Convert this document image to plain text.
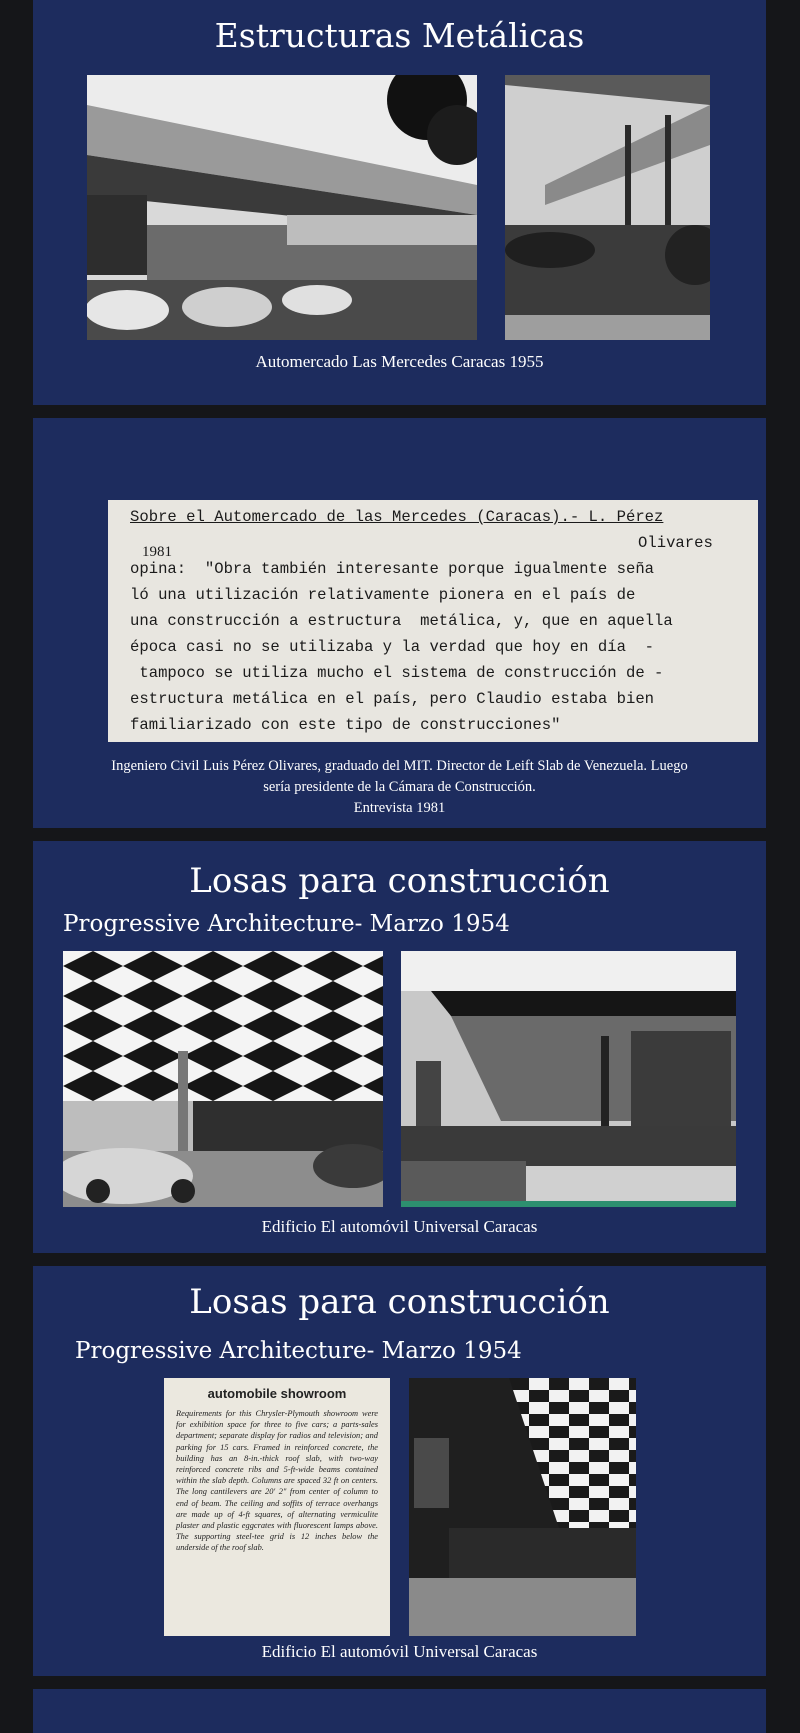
Estructuras Metálicas
Automercado Las Mercedes Caracas 1955
Sobre el Automercado de las Mercedes (Caracas).- L. Pérez
Olivares
1981
opina:  "Obra también interesante porque igualmente seña
ló una utilización relativamente pionera en el país de
una construcción a estructura  metálica, y, que en aquella
época casi no se utilizaba y la verdad que hoy en día  -
tampoco se utiliza mucho el sistema de construcción de -
estructura metálica en el país, pero Claudio estaba bien
familiarizado con este tipo de construcciones"
Ingeniero Civil Luis Pérez Olivares, graduado del MIT. Director de Leift Slab de Venezuela. Luego
sería presidente de la Cámara de Construcción.
Entrevista 1981
Losas para construcción
Progressive Architecture- Marzo 1954
Edificio El automóvil Universal Caracas
Losas para construcción
Progressive Architecture- Marzo 1954
automobile showroom
Requirements for this Chrysler-Plymouth showroom were for exhibition space for three to five cars; a parts-sales department; separate display for radios and television; and parking for 15 cars. Framed in reinforced concrete, the building has an 8-in.-thick roof slab, with two-way reinforced concrete ribs and 5-ft-wide beams contained within the slab depth. Columns are spaced 32 ft on centers. The long cantilevers are 20' 2" from center of column to end of beam. The ceiling and soffits of terrace overhangs are made up of 4-ft squares, of alternating vermiculite plaster and plastic eggcrates with fluorescent lamps above. The supporting steel-tee grid is 12 inches below the underside of the roof slab.
Edificio El automóvil Universal Caracas
